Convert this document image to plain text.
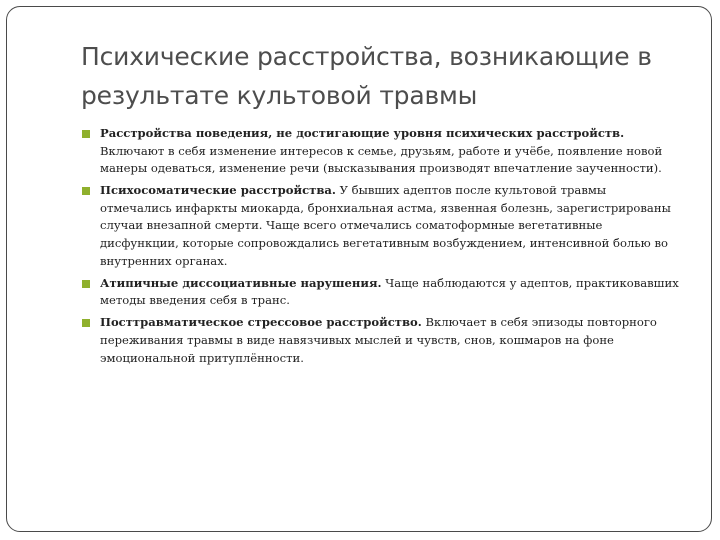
Психические расстройства, возникающие в результате культовой травмы
Расстройства поведения, не достигающие уровня психических расстройств. Включают в себя изменение интересов к семье, друзьям, работе и учёбе, появление новой манеры одеваться, изменение речи (высказывания производят впечатление заученности).
Психосоматические расстройства. У бывших адептов после культовой травмы отмечались инфаркты миокарда, бронхиальная астма, язвенная болезнь, зарегистрированы случаи внезапной смерти. Чаще всего отмечались соматоформные вегетативные дисфункции, которые сопровождались вегетативным возбуждением, интенсивной болью во внутренних органах.
Атипичные диссоциативные нарушения. Чаще наблюдаются у адептов, практиковавших методы введения себя в транс.
Посттравматическое стрессовое расстройство. Включает в себя эпизоды повторного переживания травмы в виде навязчивых мыслей и чувств, снов, кошмаров на фоне эмоциональной притуплённости.
